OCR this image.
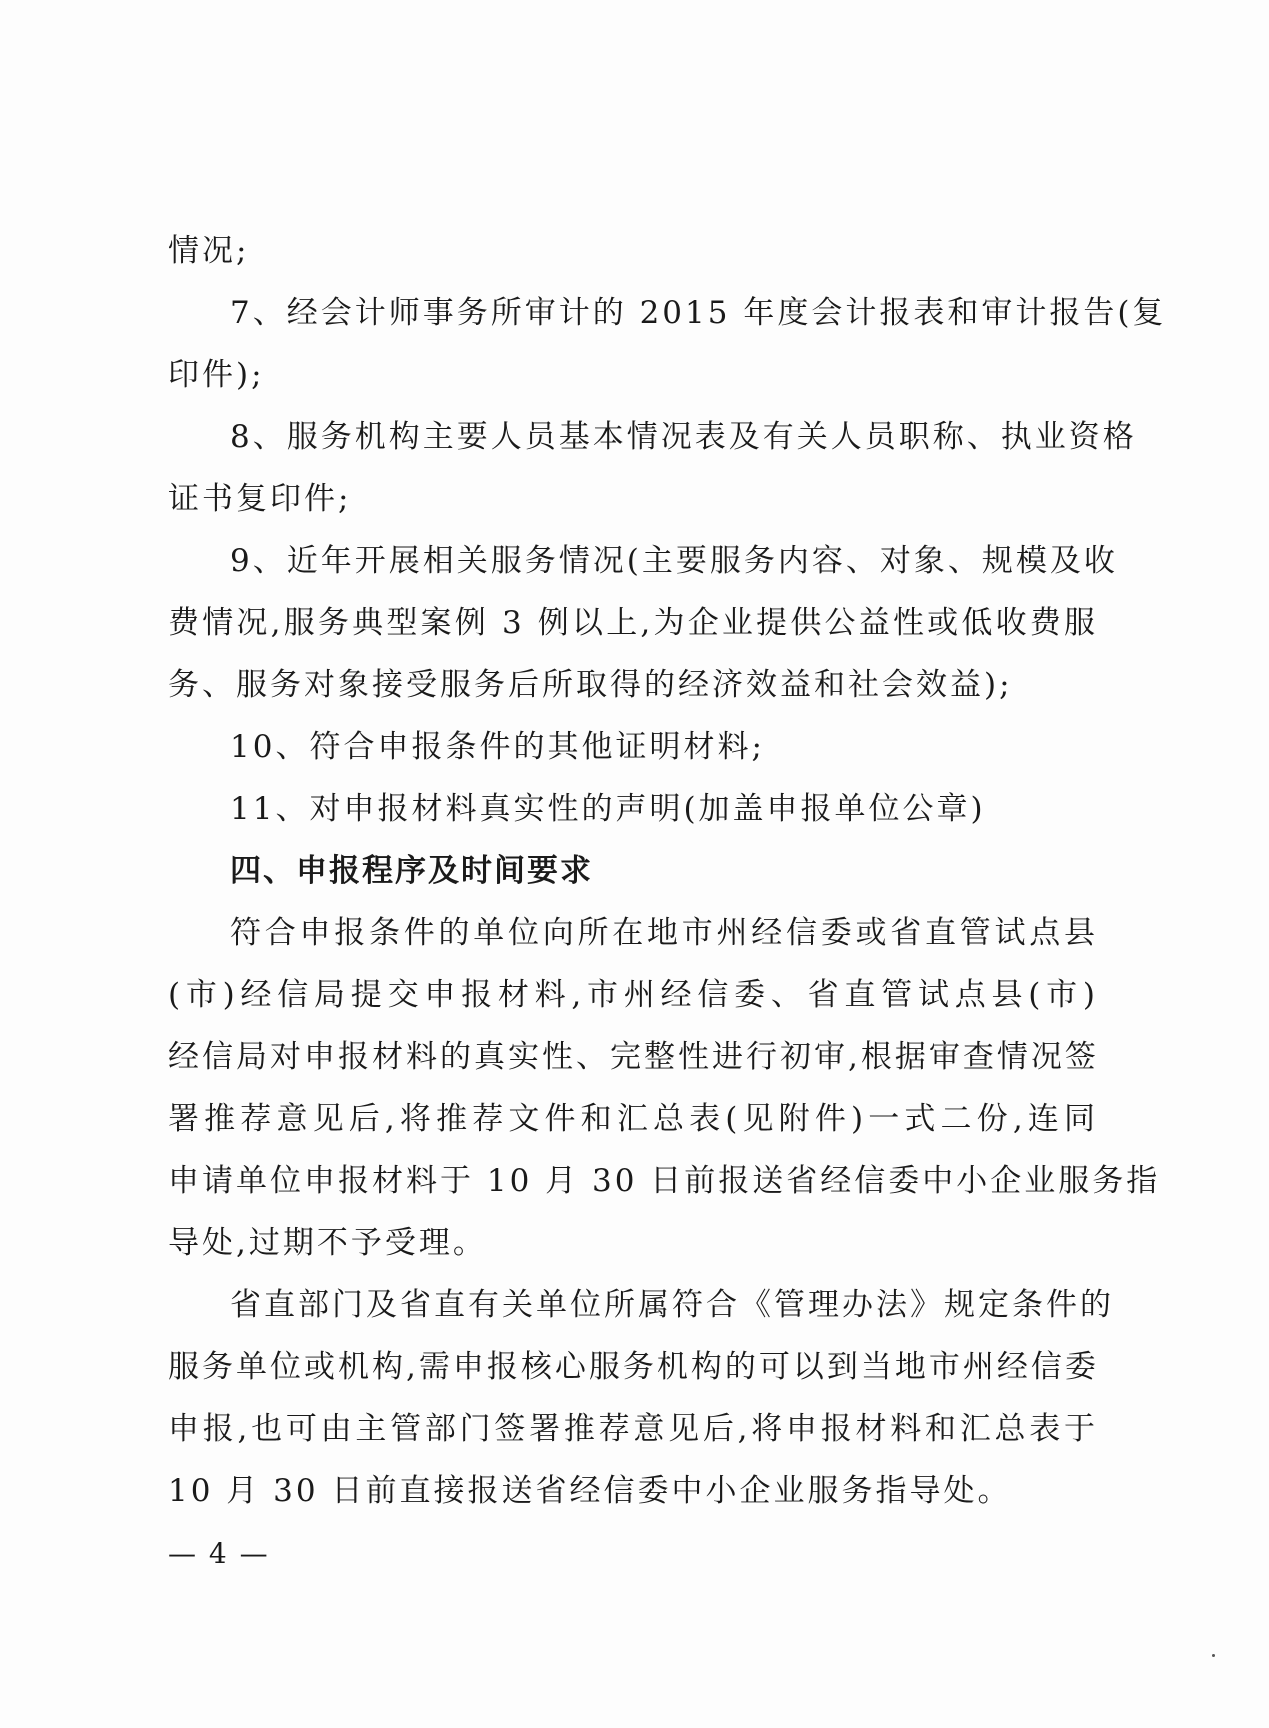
情况;
7、经会计师事务所审计的 2015 年度会计报表和审计报告(复
印件);
8、服务机构主要人员基本情况表及有关人员职称、执业资格
证书复印件;
9、近年开展相关服务情况(主要服务内容、对象、规模及收
费情况,服务典型案例 3 例以上,为企业提供公益性或低收费服
务、服务对象接受服务后所取得的经济效益和社会效益);
10、符合申报条件的其他证明材料;
11、对申报材料真实性的声明(加盖申报单位公章)
四、申报程序及时间要求
符合申报条件的单位向所在地市州经信委或省直管试点县
(市)经信局提交申报材料,市州经信委、省直管试点县(市)
经信局对申报材料的真实性、完整性进行初审,根据审查情况签
署推荐意见后,将推荐文件和汇总表(见附件)一式二份,连同
申请单位申报材料于 10 月 30 日前报送省经信委中小企业服务指
导处,过期不予受理。
省直部门及省直有关单位所属符合《管理办法》规定条件的
服务单位或机构,需申报核心服务机构的可以到当地市州经信委
申报,也可由主管部门签署推荐意见后,将申报材料和汇总表于
10 月 30 日前直接报送省经信委中小企业服务指导处。
— 4 —
